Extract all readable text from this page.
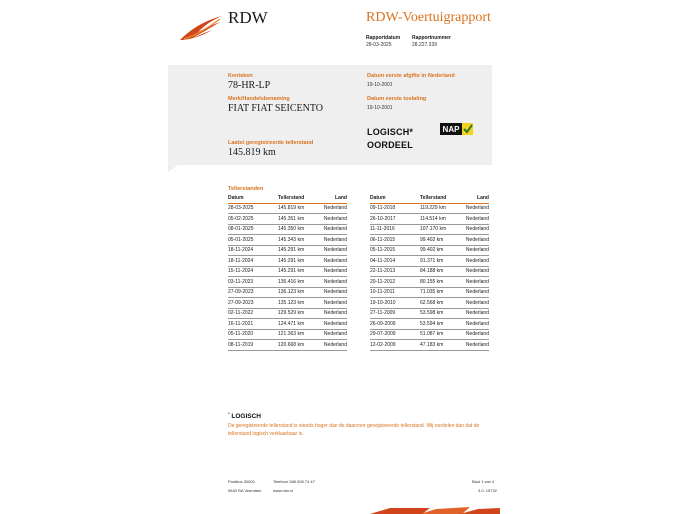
RDW	RDW-Voertuigrapport
Rapportdatum
28-03-2025
Rapportnummer
28.227.339
Kenteken
78-HR-LP
Merk/Handelsbenaming
FIAT FIAT SEICENTO
Laatst geregistreerde tellerstand
145.819 km
Datum eerste afgifte in Nederland
19-10-2001
Datum eerste toelating
19-10-2001
LOGISCH*
OORDEEL
NAP
Tellerstanden
Datum	Tellerstand	Land
28-03-2025	145.819 km	Nederland
05-02-2025	145.351 km	Nederland
08-01-2025	145.350 km	Nederland
05-01-2025	145.343 km	Nederland
18-11-2024	145.291 km	Nederland
18-11-2024	145.291 km	Nederland
15-11-2024	145.291 km	Nederland
03-11-2023	136.416 km	Nederland
27-09-2023	136.123 km	Nederland
27-09-2023	135.123 km	Nederland
02-11-2022	129.529 km	Nederland
16-11-2021	124.471 km	Nederland
05-11-2020	121.363 km	Nederland
08-11-2019	120.668 km	Nederland
Datum	Tellerstand	Land
09-11-2018	119.229 km	Nederland
26-10-2017	114.514 km	Nederland
11-11-2016	107.170 km	Nederland
06-11-2015	99.402 km	Nederland
05-11-2015	99.402 km	Nederland
04-11-2014	91.371 km	Nederland
22-11-2013	84.188 km	Nederland
20-11-2012	80.155 km	Nederland
10-11-2011	71.035 km	Nederland
19-10-2010	62.568 km	Nederland
27-11-2009	53.598 km	Nederland
26-09-2009	53.594 km	Nederland
29-07-2009	51.087 km	Nederland
12-02-2009	47.183 km	Nederland
* LOGISCH
De geregistreerde tellerstand is steeds hoger dan de daarvoor geregistreerde tellerstand. Wij oordelen dan dat de tellerstand logisch verklaarbaar is.
Postbus 30000
9640 RA Veendam
Telefoon 088 008 74 47
www.rdw.nl
Blad 1 van 4
3.0. 15732
